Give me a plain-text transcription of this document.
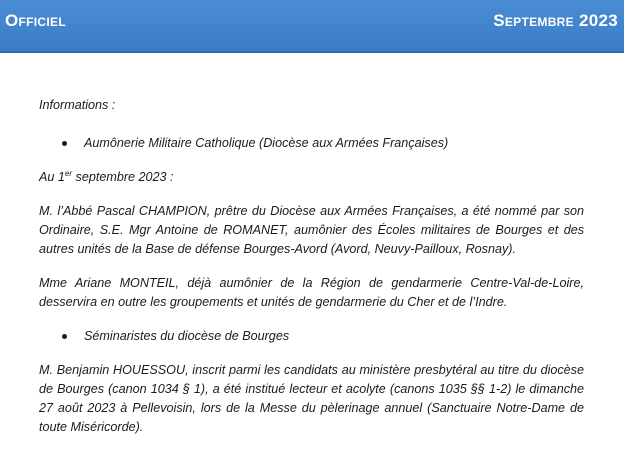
Officiel	Septembre 2023

Informations :

Aumônerie Militaire Catholique (Diocèse aux Armées Françaises)

Au 1er septembre 2023 :

M. l’Abbé Pascal CHAMPION, prêtre du Diocèse aux Armées Françaises, a été nommé par son Ordinaire, S.E. Mgr Antoine de ROMANET, aumônier des Écoles militaires de Bourges et des autres unités de la Base de défense Bourges-Avord (Avord, Neuvy-Pailloux, Rosnay).

Mme Ariane MONTEIL, déjà aumônier de la Région de gendarmerie Centre-Val-de-Loire, desservira en outre les groupements et unités de gendarmerie du Cher et de l’Indre.

Séminaristes du diocèse de Bourges

M. Benjamin HOUESSOU, inscrit parmi les candidats au ministère presbytéral au titre du diocèse de Bourges (canon 1034 § 1), a été institué lecteur et acolyte (canons 1035 §§ 1-2) le dimanche 27 août 2023 à Pellevoisin, lors de la Messe du pèlerinage annuel (Sanctuaire Notre-Dame de toute Miséricorde).
